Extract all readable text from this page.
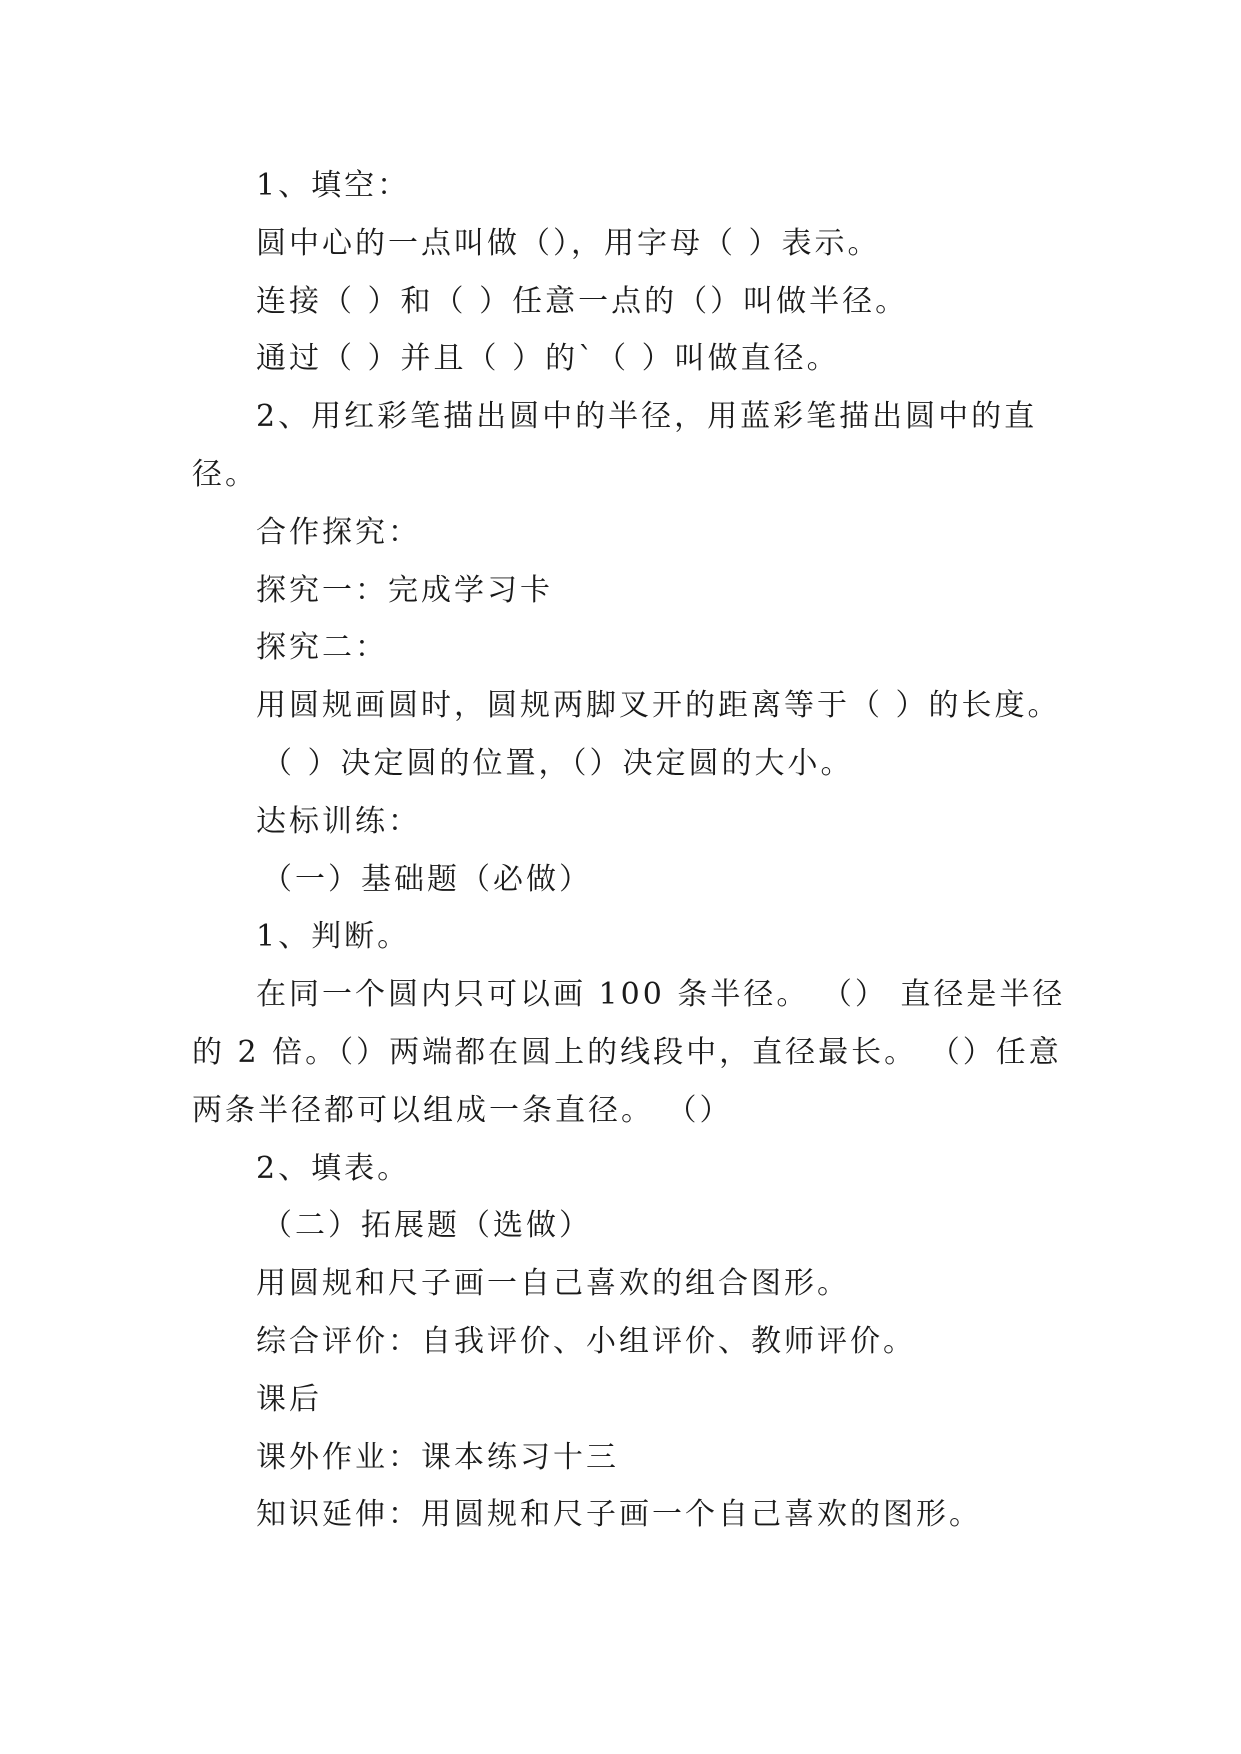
1、填空：
圆中心的一点叫做（），用字母（ ）表示。
连接（ ）和（ ）任意一点的（）叫做半径。
通过（ ）并且（ ）的`（ ）叫做直径。
2、用红彩笔描出圆中的半径，用蓝彩笔描出圆中的直
径。
合作探究：
探究一：完成学习卡
探究二：
用圆规画圆时，圆规两脚叉开的距离等于（ ）的长度。
（ ）决定圆的位置，（）决定圆的大小。
达标训练：
（一）基础题（必做）
1、判断。
在同一个圆内只可以画 100 条半径。 （） 直径是半径
的 2 倍。（）两端都在圆上的线段中，直径最长。 （）任意
两条半径都可以组成一条直径。 （）
2、填表。
（二）拓展题（选做）
用圆规和尺子画一自己喜欢的组合图形。
综合评价：自我评价、小组评价、教师评价。
课后
课外作业：课本练习十三
知识延伸：用圆规和尺子画一个自己喜欢的图形。
